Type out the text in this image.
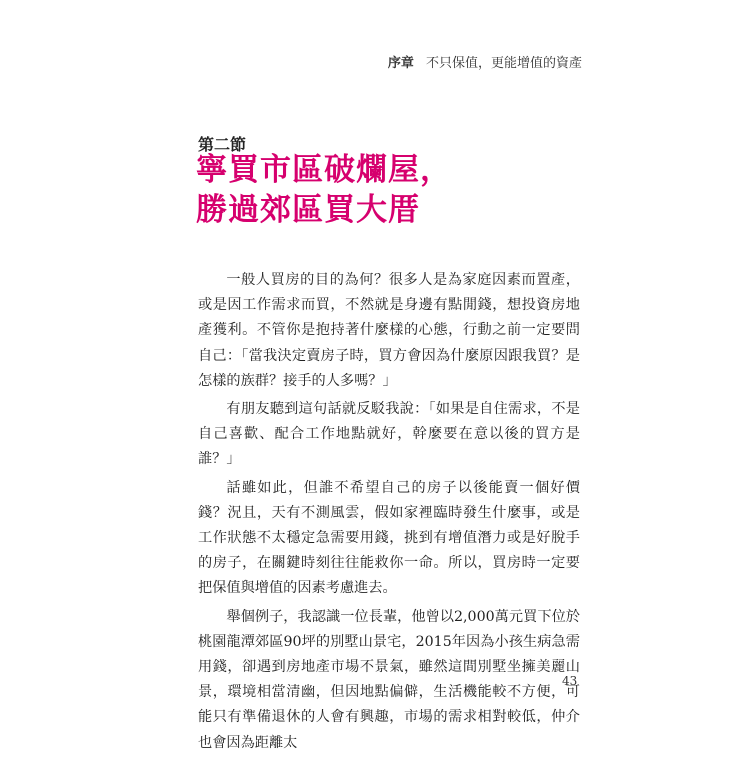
序章 不只保值，更能增值的資產
第二節
寧買市區破爛屋，
勝過郊區買大厝

一般人買房的目的為何？很多人是為家庭因素而置產，或是因工作需求而買，不然就是身邊有點閒錢，想投資房地產獲利。不管你是抱持著什麼樣的心態，行動之前一定要問自己：「當我決定賣房子時，買方會因為什麼原因跟我買？是怎樣的族群？接手的人多嗎？」

有朋友聽到這句話就反駁我說：「如果是自住需求，不是自己喜歡、配合工作地點就好，幹麼要在意以後的買方是誰？」

話雖如此，但誰不希望自己的房子以後能賣一個好價錢？況且，天有不測風雲，假如家裡臨時發生什麼事，或是工作狀態不太穩定急需要用錢，挑到有增值潛力或是好脫手的房子，在關鍵時刻往往能救你一命。所以，買房時一定要把保值與增值的因素考慮進去。

舉個例子，我認識一位長輩，他曾以2,000萬元買下位於桃園龍潭郊區90坪的別墅山景宅，2015年因為小孩生病急需用錢，卻遇到房地產市場不景氣，雖然這間別墅坐擁美麗山景，環境相當清幽，但因地點偏僻，生活機能較不方便，可能只有準備退休的人會有興趣，市場的需求相對較低，仲介也會因為距離太

43
